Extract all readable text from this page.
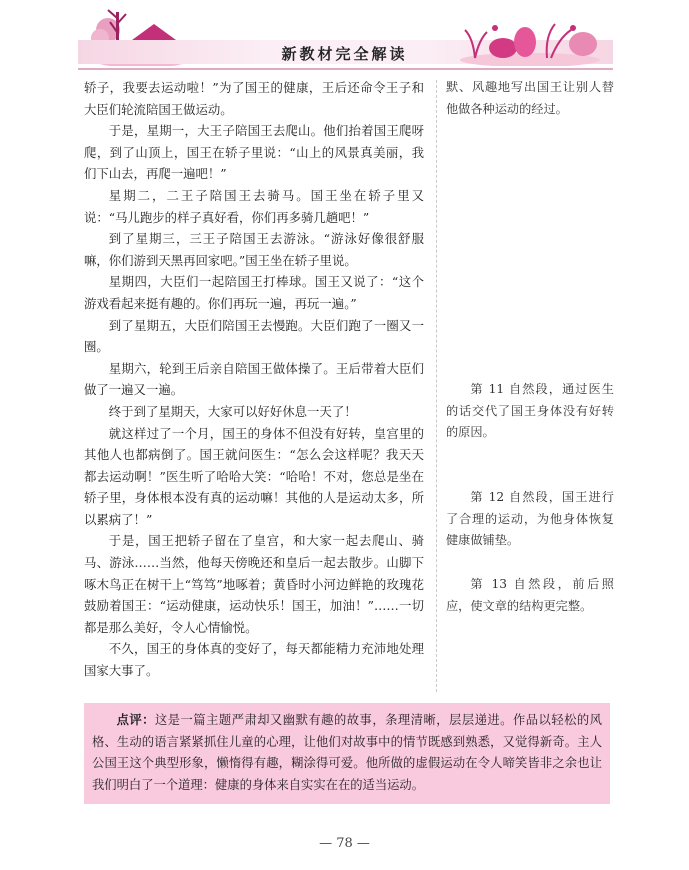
新教材完全解读

轿子，我要去运动啦！”为了国王的健康，王后还命令王子和大臣们轮流陪国王做运动。

于是，星期一，大王子陪国王去爬山。他们抬着国王爬呀爬，到了山顶上，国王在轿子里说：“山上的风景真美丽，我们下山去，再爬一遍吧！”

星期二，二王子陪国王去骑马。国王坐在轿子里又说：“马儿跑步的样子真好看，你们再多骑几趟吧！”

到了星期三，三王子陪国王去游泳。“游泳好像很舒服嘛，你们游到天黑再回家吧。”国王坐在轿子里说。

星期四，大臣们一起陪国王打棒球。国王又说了：“这个游戏看起来挺有趣的。你们再玩一遍，再玩一遍。”

到了星期五，大臣们陪国王去慢跑。大臣们跑了一圈又一圈。

星期六，轮到王后亲自陪国王做体操了。王后带着大臣们做了一遍又一遍。

终于到了星期天，大家可以好好休息一天了！

就这样过了一个月，国王的身体不但没有好转，皇宫里的其他人也都病倒了。国王就问医生：“怎么会这样呢？我天天都去运动啊！”医生听了哈哈大笑：“哈哈！不对，您总是坐在轿子里，身体根本没有真的运动嘛！其他的人是运动太多，所以累病了！”

于是，国王把轿子留在了皇宫，和大家一起去爬山、骑马、游泳……当然，他每天傍晚还和皇后一起去散步。山脚下啄木鸟正在树干上“笃笃”地啄着；黄昏时小河边鲜艳的玫瑰花鼓励着国王：“运动健康，运动快乐！国王，加油！”……一切都是那么美好，令人心情愉悦。

不久，国王的身体真的变好了，每天都能精力充沛地处理国家大事了。

默、风趣地写出国王让别人替他做各种运动的经过。

第 11 自然段，通过医生的话交代了国王身体没有好转的原因。

第 12 自然段，国王进行了合理的运动，为他身体恢复健康做铺垫。

第 13 自然段，前后照应，使文章的结构更完整。

点评：这是一篇主题严肃却又幽默有趣的故事，条理清晰，层层递进。作品以轻松的风格、生动的语言紧紧抓住儿童的心理，让他们对故事中的情节既感到熟悉，又觉得新奇。主人公国王这个典型形象，懒惰得有趣，糊涂得可爱。他所做的虚假运动在令人啼笑皆非之余也让我们明白了一个道理：健康的身体来自实实在在的适当运动。
— 78 —
